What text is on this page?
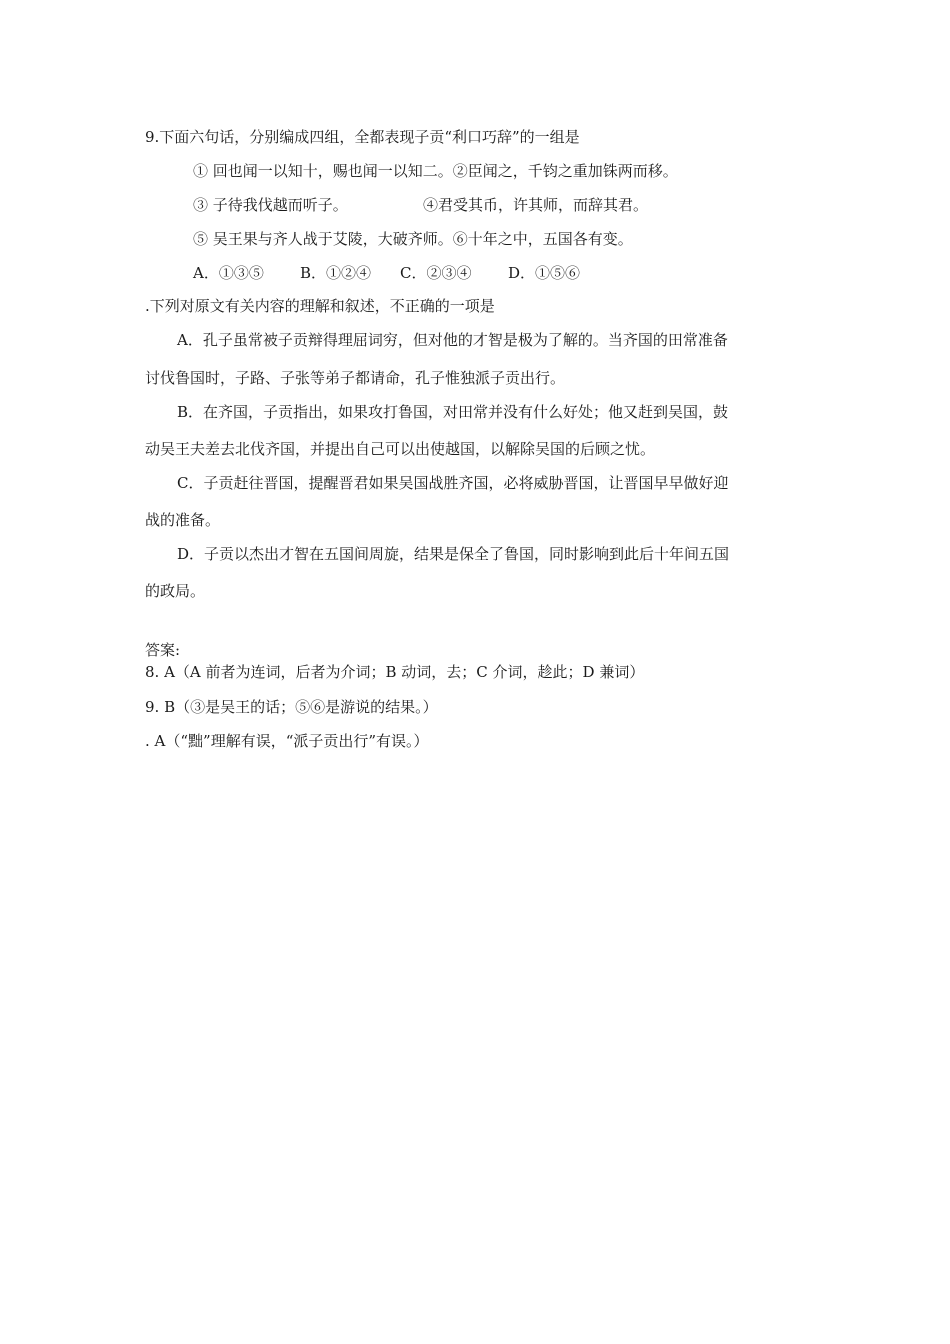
9.下面六句话，分别编成四组，全都表现子贡“利口巧辞”的一组是
① 回也闻一以知十，赐也闻一以知二。②臣闻之，千钧之重加铢两而移。
③ 子待我伐越而听子。	④君受其币，许其师，而辞其君。
⑤ 吴王果与齐人战于艾陵，大破齐师。⑥十年之中，五国各有变。
A．①③⑤ B．①②④ C．②③④ D．①⑤⑥
.下列对原文有关内容的理解和叙述，不正确的一项是
A．孔子虽常被子贡辩得理屈词穷，但对他的才智是极为了解的。当齐国的田常准备
讨伐鲁国时，子路、子张等弟子都请命，孔子惟独派子贡出行。
B．在齐国，子贡指出，如果攻打鲁国，对田常并没有什么好处；他又赶到吴国，鼓
动吴王夫差去北伐齐国，并提出自己可以出使越国，以解除吴国的后顾之忧。
C．子贡赶往晋国，提醒晋君如果吴国战胜齐国，必将威胁晋国，让晋国早早做好迎
战的准备。
D．子贡以杰出才智在五国间周旋，结果是保全了鲁国，同时影响到此后十年间五国
的政局。
答案:
8. A（A 前者为连词，后者为介词；B 动词，去；C 介词，趁此；D 兼词）
9. B（③是吴王的话；⑤⑥是游说的结果。）
. A（“黜”理解有误，“派子贡出行”有误。）
